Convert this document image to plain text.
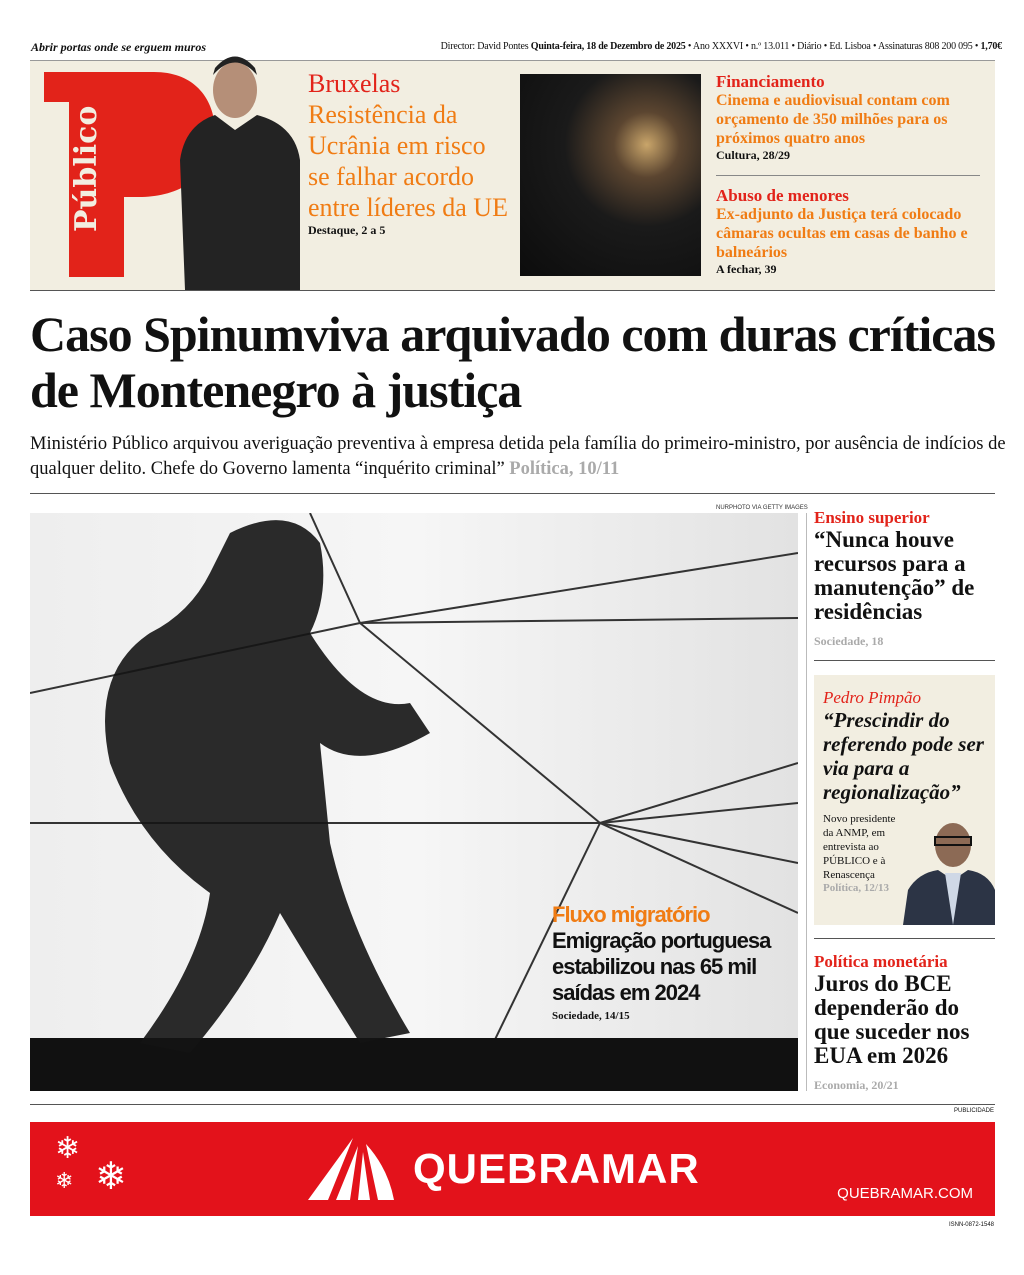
Abrir portas onde se erguem muros	Director: David Pontes Quinta-feira, 18 de Dezembro de 2025 • Ano XXXVI • n.º 13.011 • Diário • Ed. Lisboa • Assinaturas 808 200 095 • 1,70€
Público
Bruxelas
Resistência da Ucrânia em risco se falhar acordo entre líderes da UE
Destaque, 2 a 5
Financiamento
Cinema e audiovisual contam com orçamento de 350 milhões para os próximos quatro anos
Cultura, 28/29
Abuso de menores
Ex-adjunto da Justiça terá colocado câmaras ocultas em casas de banho e balneários
A fechar, 39
Caso Spinumviva arquivado com duras críticas de Montenegro à justiça
Ministério Público arquivou averiguação preventiva à empresa detida pela família do primeiro-ministro, por ausência de indícios de qualquer delito. Chefe do Governo lamenta “inquérito criminal” Política, 10/11
NURPHOTO VIA GETTY IMAGES
Fluxo migratório
Emigração portuguesa estabilizou nas 65 mil saídas em 2024
Sociedade, 14/15
Ensino superior
“Nunca houve recursos para a manutenção” de residências
Sociedade, 18
Pedro Pimpão
“Prescindir do referendo pode ser via para a regionalização”
Novo presidente da ANMP, em entrevista ao PÚBLICO e à Renascença
Política, 12/13
Política monetária
Juros do BCE dependerão do que suceder nos EUA em 2026
Economia, 20/21
PUBLICIDADE
❄
❄ ❄	QUEBRAMAR
QUEBRAMAR.COM
ISNN-0872-1548
